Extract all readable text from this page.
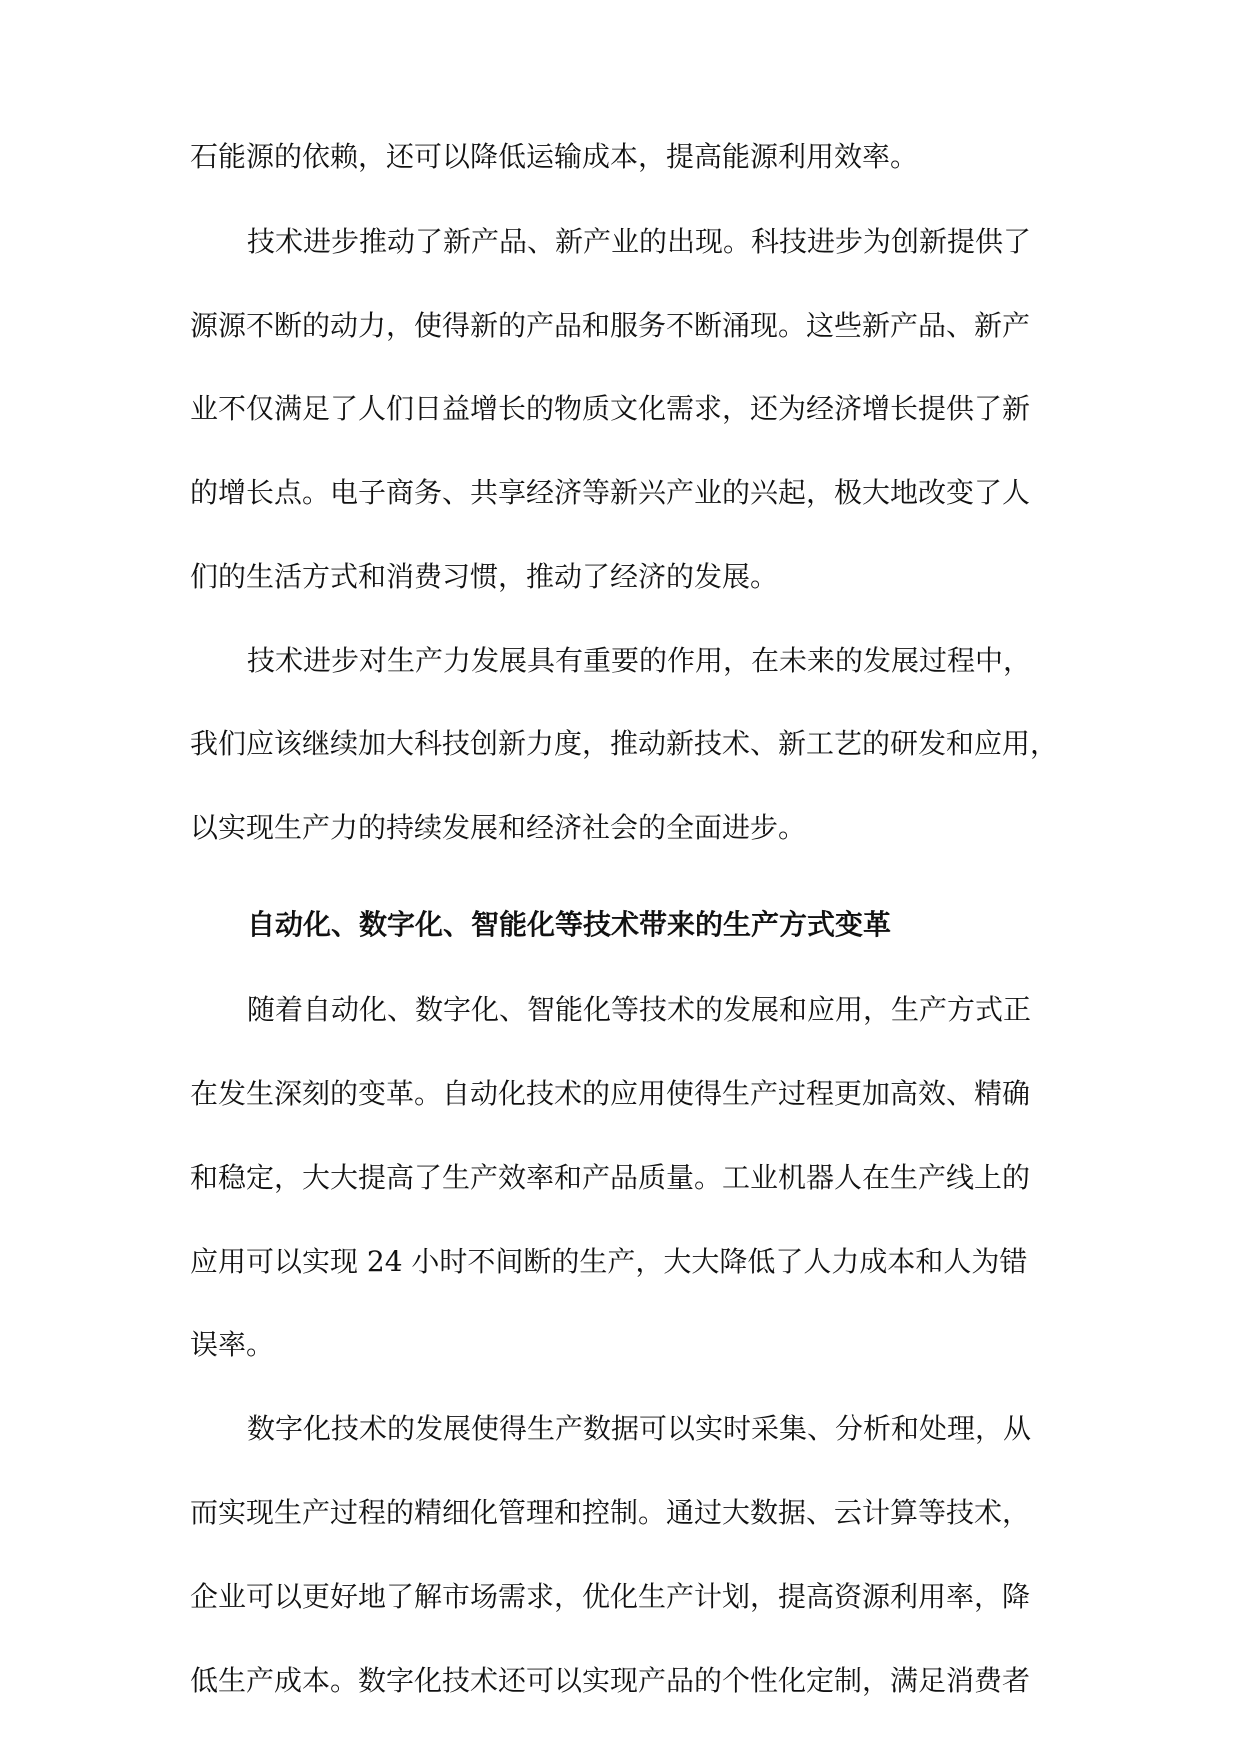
石能源的依赖，还可以降低运输成本，提高能源利用效率。
技术进步推动了新产品、新产业的出现。科技进步为创新提供了
源源不断的动力，使得新的产品和服务不断涌现。这些新产品、新产
业不仅满足了人们日益增长的物质文化需求，还为经济增长提供了新
的增长点。电子商务、共享经济等新兴产业的兴起，极大地改变了人
们的生活方式和消费习惯，推动了经济的发展。
技术进步对生产力发展具有重要的作用，在未来的发展过程中，
我们应该继续加大科技创新力度，推动新技术、新工艺的研发和应用，
以实现生产力的持续发展和经济社会的全面进步。
自动化、数字化、智能化等技术带来的生产方式变革
随着自动化、数字化、智能化等技术的发展和应用，生产方式正
在发生深刻的变革。自动化技术的应用使得生产过程更加高效、精确
和稳定，大大提高了生产效率和产品质量。工业机器人在生产线上的
应用可以实现 24 小时不间断的生产，大大降低了人力成本和人为错
误率。
数字化技术的发展使得生产数据可以实时采集、分析和处理，从
而实现生产过程的精细化管理和控制。通过大数据、云计算等技术，
企业可以更好地了解市场需求，优化生产计划，提高资源利用率，降
低生产成本。数字化技术还可以实现产品的个性化定制，满足消费者
